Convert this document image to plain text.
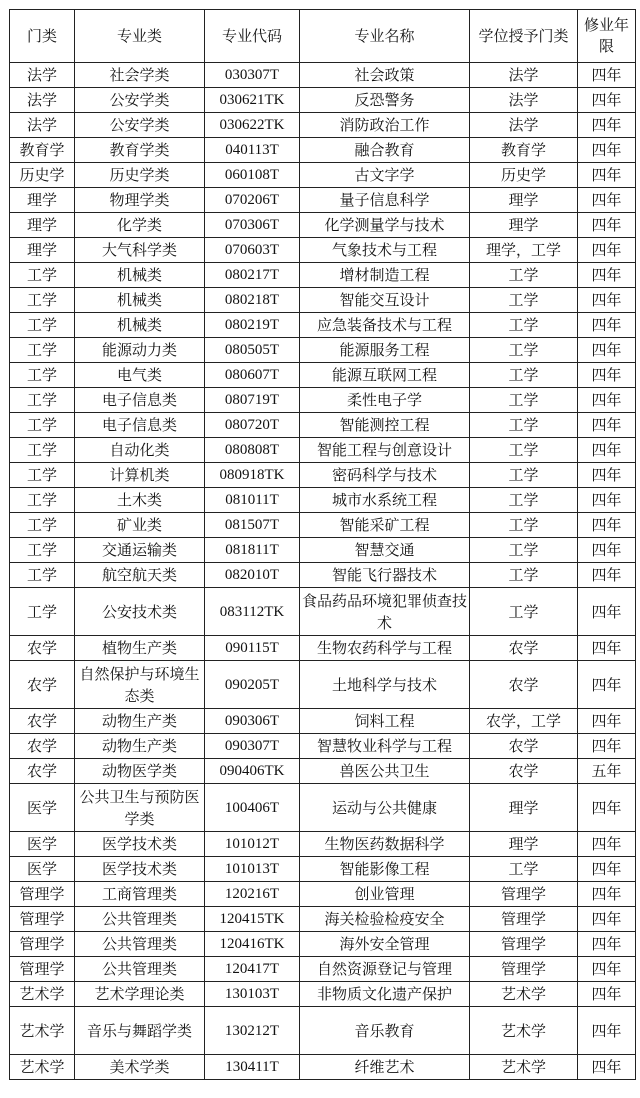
门类	专业类	专业代码	专业名称	学位授予门类	修业年限
法学	社会学类	030307T	社会政策	法学	四年
法学	公安学类	030621TK	反恐警务	法学	四年
法学	公安学类	030622TK	消防政治工作	法学	四年
教育学	教育学类	040113T	融合教育	教育学	四年
历史学	历史学类	060108T	古文字学	历史学	四年
理学	物理学类	070206T	量子信息科学	理学	四年
理学	化学类	070306T	化学测量学与技术	理学	四年
理学	大气科学类	070603T	气象技术与工程	理学，工学	四年
工学	机械类	080217T	增材制造工程	工学	四年
工学	机械类	080218T	智能交互设计	工学	四年
工学	机械类	080219T	应急装备技术与工程	工学	四年
工学	能源动力类	080505T	能源服务工程	工学	四年
工学	电气类	080607T	能源互联网工程	工学	四年
工学	电子信息类	080719T	柔性电子学	工学	四年
工学	电子信息类	080720T	智能测控工程	工学	四年
工学	自动化类	080808T	智能工程与创意设计	工学	四年
工学	计算机类	080918TK	密码科学与技术	工学	四年
工学	土木类	081011T	城市水系统工程	工学	四年
工学	矿业类	081507T	智能采矿工程	工学	四年
工学	交通运输类	081811T	智慧交通	工学	四年
工学	航空航天类	082010T	智能飞行器技术	工学	四年
工学	公安技术类	083112TK	食品药品环境犯罪侦查技术	工学	四年
农学	植物生产类	090115T	生物农药科学与工程	农学	四年
农学	自然保护与环境生态类	090205T	土地科学与技术	农学	四年
农学	动物生产类	090306T	饲料工程	农学，工学	四年
农学	动物生产类	090307T	智慧牧业科学与工程	农学	四年
农学	动物医学类	090406TK	兽医公共卫生	农学	五年
医学	公共卫生与预防医学类	100406T	运动与公共健康	理学	四年
医学	医学技术类	101012T	生物医药数据科学	理学	四年
医学	医学技术类	101013T	智能影像工程	工学	四年
管理学	工商管理类	120216T	创业管理	管理学	四年
管理学	公共管理类	120415TK	海关检验检疫安全	管理学	四年
管理学	公共管理类	120416TK	海外安全管理	管理学	四年
管理学	公共管理类	120417T	自然资源登记与管理	管理学	四年
艺术学	艺术学理论类	130103T	非物质文化遗产保护	艺术学	四年
艺术学	音乐与舞蹈学类	130212T	音乐教育	艺术学	四年
艺术学	美术学类	130411T	纤维艺术	艺术学	四年
